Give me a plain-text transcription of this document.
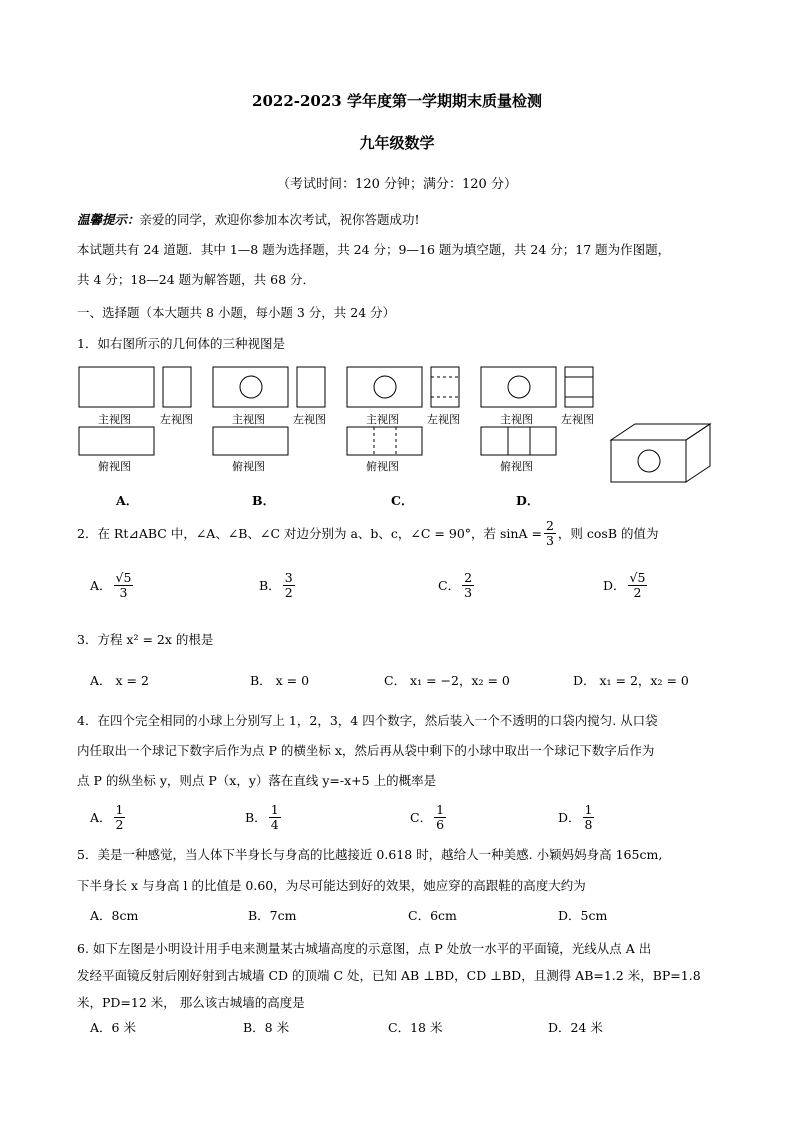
2022-2023 学年度第一学期期末质量检测
九年级数学
（考试时间：120 分钟；满分：120 分）
温馨提示：亲爱的同学，欢迎你参加本次考试，祝你答题成功!
本试题共有 24 道题．其中 1—8 题为选择题，共 24 分；9—16 题为填空题，共 24 分；17 题为作图题，
共 4 分；18—24 题为解答题，共 68 分．
一、选择题（本大题共 8 小题，每小题 3 分，共 24 分）
1．如右图所示的几何体的三种视图是
主视图	左视图
俯视图
主视图	左视图
俯视图
主视图	左视图
俯视图
主视图	左视图
俯视图
A．	B．	C．	D．
2．在 Rt⊿ABC 中，∠A、∠B、∠C 对边分别为 a、b、c，∠C = 90°，若 $\sin A = \frac{2}{3}$ ，则 cosB 的值为
A． $\frac{√5}{3}$	B． $\frac{3}{2}$	C． $\frac{2}{3}$	D． $\frac{√5}{2}$
3．方程 x² = 2x 的根是
A． x = 2	B． x = 0	C． x₁ = −2，x₂ = 0	D． x₁ = 2，x₂ = 0
4．在四个完全相同的小球上分别写上 1，2，3，4 四个数字，然后装入一个不透明的口袋内搅匀. 从口袋
内任取出一个球记下数字后作为点 P 的横坐标 x，然后再从袋中剩下的小球中取出一个球记下数字后作为
点 P 的纵坐标 y，则点 P（x，y）落在直线 y=-x+5 上的概率是
A． $\frac{1}{2}$	B． $\frac{1}{4}$	C． $\frac{1}{6}$	D． $\frac{1}{8}$
5．美是一种感觉，当人体下半身长与身高的比越接近 0.618 时，越给人一种美感. 小颖妈妈身高 165cm,
下半身长 x 与身高 l 的比值是 0.60，为尽可能达到好的效果，她应穿的高跟鞋的高度大约为
A．8cm	B．7cm	C．6cm	D．5cm
6. 如下左图是小明设计用手电来测量某古城墙高度的示意图，点 P 处放一水平的平面镜，光线从点 A 出
发经平面镜反射后刚好射到古城墙 CD 的顶端 C 处，已知 AB ⊥BD，CD ⊥BD，且测得 AB=1.2 米，BP=1.8
米，PD=12 米， 那么该古城墙的高度是
A．6 米	B．8 米	C．18 米	D．24 米
